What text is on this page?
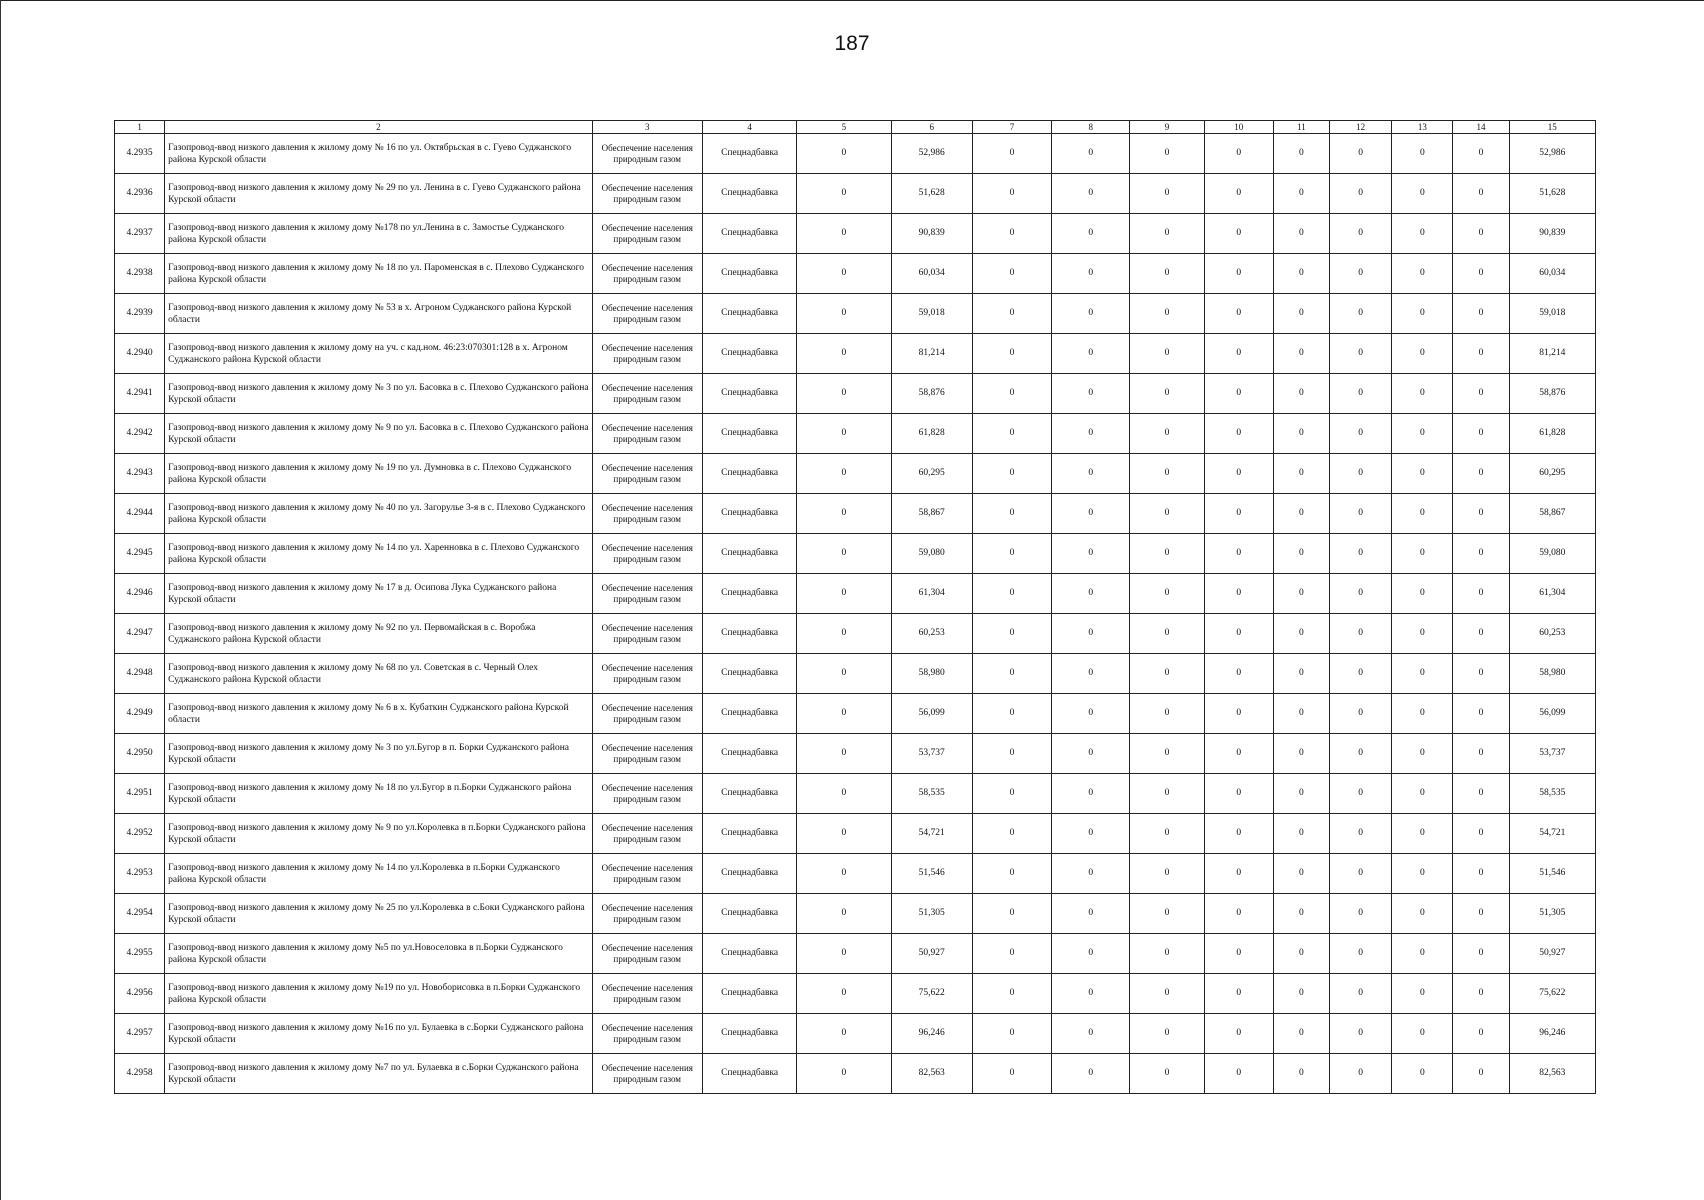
187
1	2	3	4	5	6	7	8	9	10	11	12	13	14	15
4.2935	Газопровод-ввод низкого давления к жилому дому № 16 по ул. Октябрьская в с. Гуево Суджанского района Курской области	Обеспечение населения природным газом	Спецнадбавка	0	52,986	0	0	0	0	0	0	0	0	52,986
4.2936	Газопровод-ввод низкого давления к жилому дому № 29 по ул. Ленина в с. Гуево Суджанского района Курской области	Обеспечение населения природным газом	Спецнадбавка	0	51,628	0	0	0	0	0	0	0	0	51,628
4.2937	Газопровод-ввод низкого давления к жилому дому №178 по ул.Ленина в с. Замостье Суджанского района Курской области	Обеспечение населения природным газом	Спецнадбавка	0	90,839	0	0	0	0	0	0	0	0	90,839
4.2938	Газопровод-ввод низкого давления к жилому дому № 18 по ул. Пароменская в с. Плехово Суджанского района Курской области	Обеспечение населения природным газом	Спецнадбавка	0	60,034	0	0	0	0	0	0	0	0	60,034
4.2939	Газопровод-ввод низкого давления к жилому дому № 53 в х. Агроном Суджанского района Курской области	Обеспечение населения природным газом	Спецнадбавка	0	59,018	0	0	0	0	0	0	0	0	59,018
4.2940	Газопровод-ввод низкого давления к жилому дому на уч. с кад.ном. 46:23:070301:128 в х. Агроном Суджанского района Курской области	Обеспечение населения природным газом	Спецнадбавка	0	81,214	0	0	0	0	0	0	0	0	81,214
4.2941	Газопровод-ввод низкого давления к жилому дому № 3 по ул. Басовка в с. Плехово Суджанского района Курской области	Обеспечение населения природным газом	Спецнадбавка	0	58,876	0	0	0	0	0	0	0	0	58,876
4.2942	Газопровод-ввод низкого давления к жилому дому № 9 по ул. Басовка в с. Плехово Суджанского района Курской области	Обеспечение населения природным газом	Спецнадбавка	0	61,828	0	0	0	0	0	0	0	0	61,828
4.2943	Газопровод-ввод низкого давления к жилому дому № 19 по ул. Думновка в с. Плехово Суджанского района Курской области	Обеспечение населения природным газом	Спецнадбавка	0	60,295	0	0	0	0	0	0	0	0	60,295
4.2944	Газопровод-ввод низкого давления к жилому дому № 40 по ул. Загорулье 3-я в с. Плехово Суджанского района Курской области	Обеспечение населения природным газом	Спецнадбавка	0	58,867	0	0	0	0	0	0	0	0	58,867
4.2945	Газопровод-ввод низкого давления к жилому дому № 14 по ул. Харенновка в с. Плехово Суджанского района Курской области	Обеспечение населения природным газом	Спецнадбавка	0	59,080	0	0	0	0	0	0	0	0	59,080
4.2946	Газопровод-ввод низкого давления к жилому дому № 17 в д. Осипова Лука Суджанского района Курской области	Обеспечение населения природным газом	Спецнадбавка	0	61,304	0	0	0	0	0	0	0	0	61,304
4.2947	Газопровод-ввод низкого давления к жилому дому № 92 по ул. Первомайская в с. Воробжа Суджанского района Курской области	Обеспечение населения природным газом	Спецнадбавка	0	60,253	0	0	0	0	0	0	0	0	60,253
4.2948	Газопровод-ввод низкого давления к жилому дому № 68 по ул. Советская в с. Черный Олех Суджанского района Курской области	Обеспечение населения природным газом	Спецнадбавка	0	58,980	0	0	0	0	0	0	0	0	58,980
4.2949	Газопровод-ввод низкого давления к жилому дому № 6 в х. Кубаткин Суджанского района Курской области	Обеспечение населения природным газом	Спецнадбавка	0	56,099	0	0	0	0	0	0	0	0	56,099
4.2950	Газопровод-ввод низкого давления к жилому дому № 3 по ул.Бугор в п. Борки Суджанского района Курской области	Обеспечение населения природным газом	Спецнадбавка	0	53,737	0	0	0	0	0	0	0	0	53,737
4.2951	Газопровод-ввод низкого давления к жилому дому № 18 по ул.Бугор в п.Борки Суджанского района Курской области	Обеспечение населения природным газом	Спецнадбавка	0	58,535	0	0	0	0	0	0	0	0	58,535
4.2952	Газопровод-ввод низкого давления к жилому дому № 9 по ул.Королевка в п.Борки Суджанского района Курской области	Обеспечение населения природным газом	Спецнадбавка	0	54,721	0	0	0	0	0	0	0	0	54,721
4.2953	Газопровод-ввод низкого давления к жилому дому № 14 по ул.Королевка в п.Борки Суджанского района Курской области	Обеспечение населения природным газом	Спецнадбавка	0	51,546	0	0	0	0	0	0	0	0	51,546
4.2954	Газопровод-ввод низкого давления к жилому дому № 25 по ул.Королевка в с.Боки Суджанского района Курской области	Обеспечение населения природным газом	Спецнадбавка	0	51,305	0	0	0	0	0	0	0	0	51,305
4.2955	Газопровод-ввод низкого давления к жилому дому №5 по ул.Новоселовка в п.Борки Суджанского района Курской области	Обеспечение населения природным газом	Спецнадбавка	0	50,927	0	0	0	0	0	0	0	0	50,927
4.2956	Газопровод-ввод низкого давления к жилому дому №19 по ул. Новоборисовка в п.Борки Суджанского района Курской области	Обеспечение населения природным газом	Спецнадбавка	0	75,622	0	0	0	0	0	0	0	0	75,622
4.2957	Газопровод-ввод низкого давления к жилому дому №16 по ул. Булаевка в с.Борки Суджанского района Курской области	Обеспечение населения природным газом	Спецнадбавка	0	96,246	0	0	0	0	0	0	0	0	96,246
4.2958	Газопровод-ввод низкого давления к жилому дому №7 по ул. Булаевка в с.Борки Суджанского района Курской области	Обеспечение населения природным газом	Спецнадбавка	0	82,563	0	0	0	0	0	0	0	0	82,563
